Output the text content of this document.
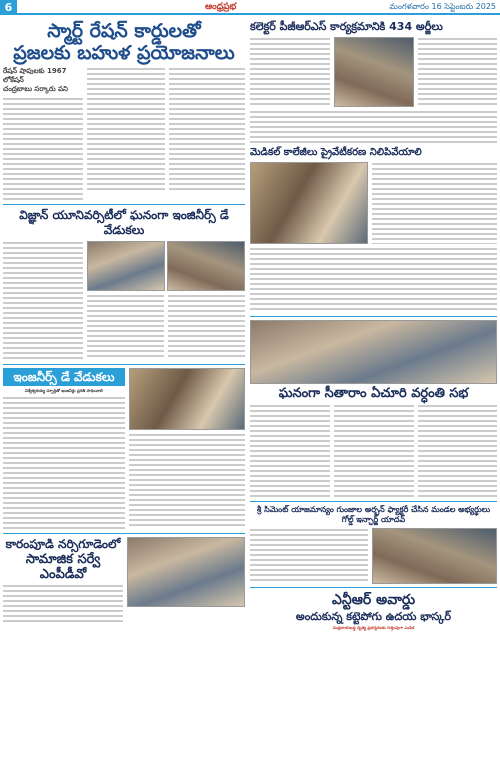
6	ఆంధ్రప్రభ	మంగళవారం 16 సెప్టెంబరు 2025
స్మార్ట్ రేషన్ కార్డులతో
ప్రజలకు బహుళ ప్రయోజనాలు
రేషన్ షాపులకు 1967 లోకేషన్
చంద్రబాబు సర్కారు పని
విజ్ఞాన్ యూనివర్సిటీలో ఘనంగా ఇంజినీర్స్ డే వేడుకలు
ఇంజనీర్స్ డే వేడుకలు
విశ్వేశ్వరయ్య స్ఫూర్తితో ఇంజనీర్లు ప్రగతి సాధించాలి
కారంపూడి నర్సిగూడెంలో
సామాజిక సర్వే ఎంపీడీవో
కలెక్టర్ పీజీఆర్ఎస్ కార్యక్రమానికి 434 అర్జీలు
మెడికల్ కాలేజీలు ప్రైవేటీకరణ నిలిపివేయాలి
ఘనంగా సీతారాం ఏచూరి వర్ధంతి సభ
శ్రీ సిమెంట్ యాజమాన్యం గుంజాల అర్బన్ ఫ్యాక్టరీ చేసిన మండల అభ్యర్థులు గోల్డ్ ఇన్ఛార్జ్ యాదవ్
ఎన్టీఆర్ అవార్డు
అందుకున్న కట్టెపోగు ఉదయ భాస్కర్
సంప్రదాయబద్ధ నృత్య ప్రదర్శనలకు గుర్తింపుగా ఎంపిక
